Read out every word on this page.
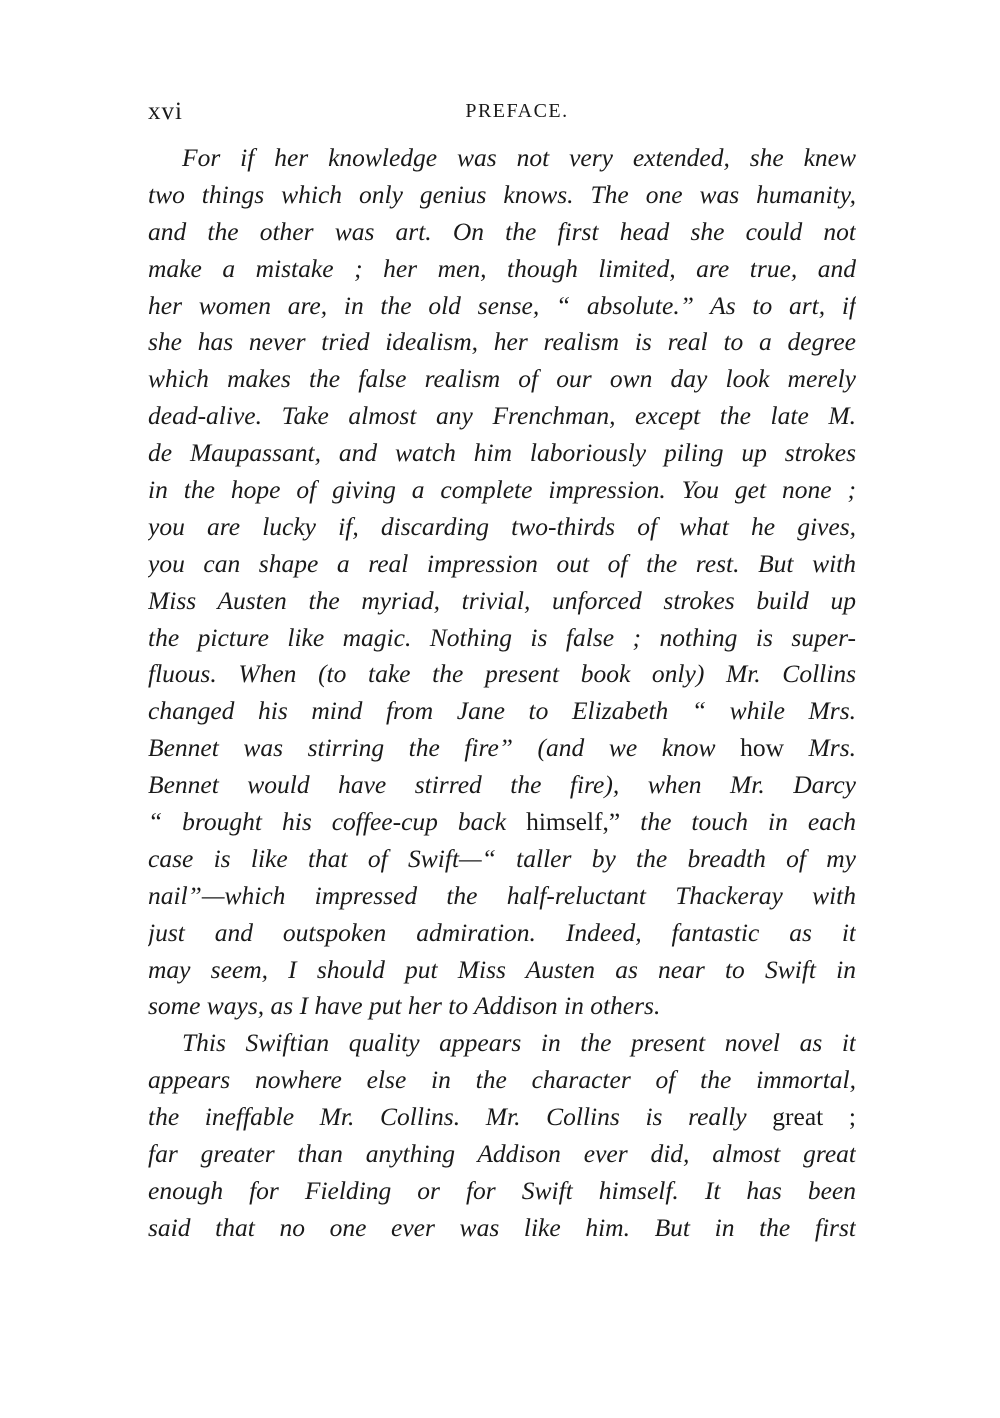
xvi	PREFACE.
For if her knowledge was not very extended, she knew
two things which only genius knows. The one was humanity,
and the other was art. On the first head she could not
make a mistake ; her men, though limited, are true, and
her women are, in the old sense, “ absolute.” As to art, if
she has never tried idealism, her realism is real to a degree
which makes the false realism of our own day look merely
dead-alive. Take almost any Frenchman, except the late M.
de Maupassant, and watch him laboriously piling up strokes
in the hope of giving a complete impression. You get none ;
you are lucky if, discarding two-thirds of what he gives,
you can shape a real impression out of the rest. But with
Miss Austen the myriad, trivial, unforced strokes build up
the picture like magic. Nothing is false ; nothing is super-
fluous. When (to take the present book only) Mr. Collins
changed his mind from Jane to Elizabeth “ while Mrs.
Bennet was stirring the fire” (and we know how Mrs.
Bennet would have stirred the fire), when Mr. Darcy
“ brought his coffee-cup back himself,” the touch in each
case is like that of Swift—“ taller by the breadth of my
nail”—which impressed the half-reluctant Thackeray with
just and outspoken admiration. Indeed, fantastic as it
may seem, I should put Miss Austen as near to Swift in
some ways, as I have put her to Addison in others.
This Swiftian quality appears in the present novel as it
appears nowhere else in the character of the immortal,
the ineffable Mr. Collins. Mr. Collins is really great ;
far greater than anything Addison ever did, almost great
enough for Fielding or for Swift himself. It has been
said that no one ever was like him. But in the first
